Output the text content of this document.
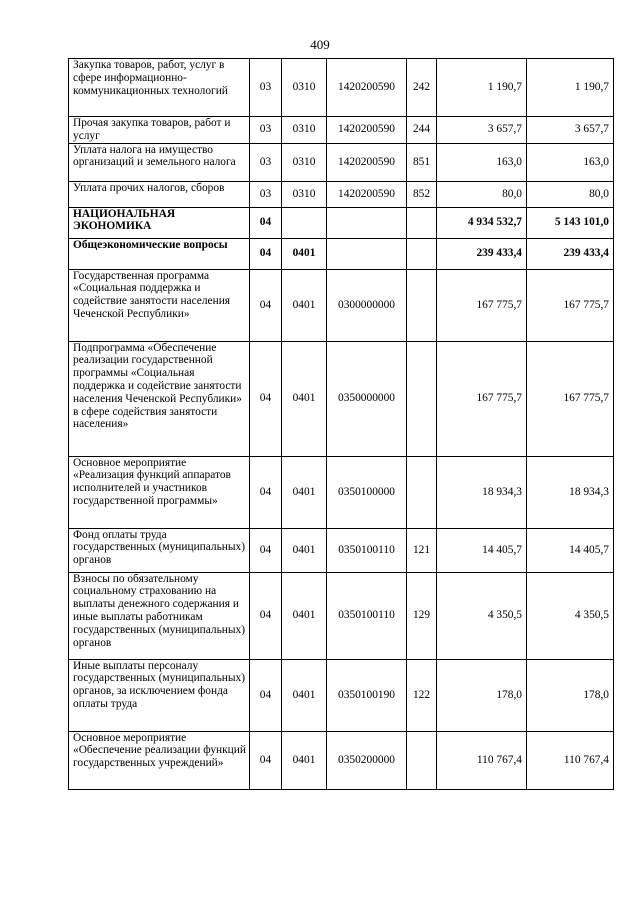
409
Закупка товаров, работ, услуг в сфере информационно-коммуникационных технологий	03	0310	1420200590	242	1 190,7	1 190,7
Прочая закупка товаров, работ и услуг	03	0310	1420200590	244	3 657,7	3 657,7
Уплата налога на имущество организаций и земельного налога	03	0310	1420200590	851	163,0	163,0
Уплата прочих налогов, сборов	03	0310	1420200590	852	80,0	80,0
НАЦИОНАЛЬНАЯ ЭКОНОМИКА	04				4 934 532,7	5 143 101,0
Общеэкономические вопросы	04	0401			239 433,4	239 433,4
Государственная программа «Социальная поддержка и содействие занятости населения Чеченской Республики»	04	0401	0300000000		167 775,7	167 775,7
Подпрограмма «Обеспечение реализации государственной программы «Социальная поддержка и содействие занятости населения Чеченской Республики» в сфере содействия занятости населения»	04	0401	0350000000		167 775,7	167 775,7
Основное мероприятие «Реализация функций аппаратов исполнителей и участников государственной программы»	04	0401	0350100000		18 934,3	18 934,3
Фонд оплаты труда государственных (муниципальных) органов	04	0401	0350100110	121	14 405,7	14 405,7
Взносы по обязательному социальному страхованию на выплаты денежного содержания и иные выплаты работникам государственных (муниципальных) органов	04	0401	0350100110	129	4 350,5	4 350,5
Иные выплаты персоналу государственных (муниципальных) органов, за исключением фонда оплаты труда	04	0401	0350100190	122	178,0	178,0
Основное мероприятие «Обеспечение реализации функций государственных учреждений»	04	0401	0350200000		110 767,4	110 767,4
